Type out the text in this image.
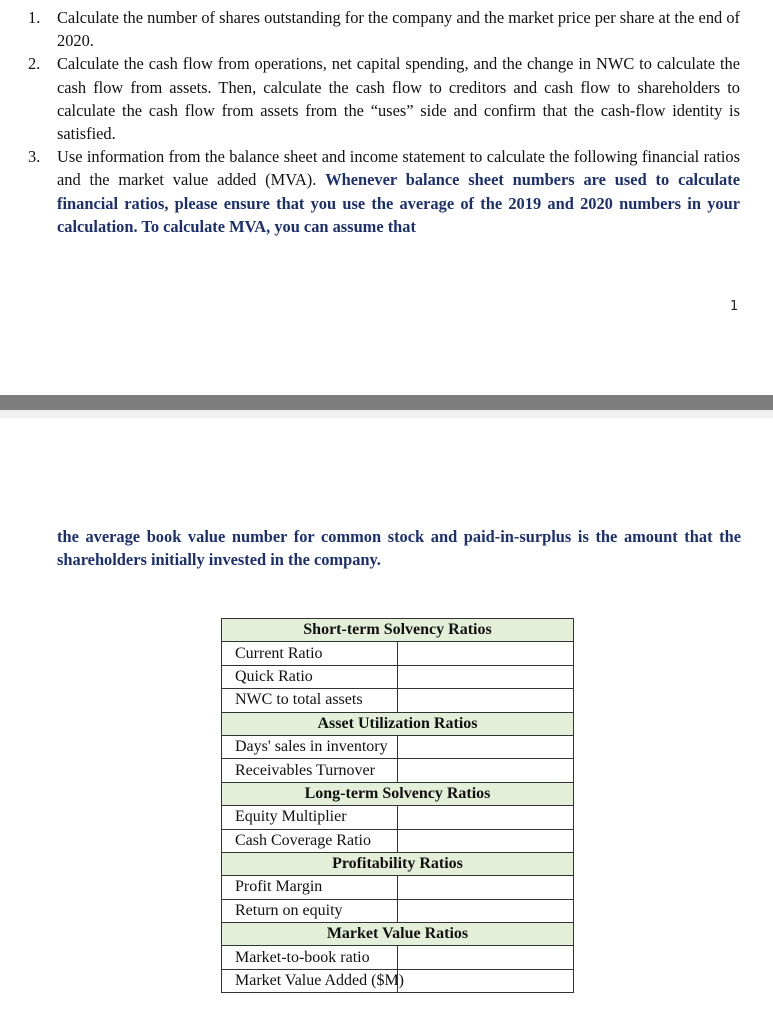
1. Calculate the number of shares outstanding for the company and the market price per share at the end of 2020.
2. Calculate the cash flow from operations, net capital spending, and the change in NWC to calculate the cash flow from assets. Then, calculate the cash flow to creditors and cash flow to shareholders to calculate the cash flow from assets from the “uses” side and confirm that the cash-flow identity is satisfied.
3. Use information from the balance sheet and income statement to calculate the following financial ratios and the market value added (MVA). Whenever balance sheet numbers are used to calculate financial ratios, please ensure that you use the average of the 2019 and 2020 numbers in your calculation. To calculate MVA, you can assume that
1

the average book value number for common stock and paid-in-surplus is the amount that the shareholders initially invested in the company.

Short-term Solvency Ratios	
Current Ratio	
Quick Ratio	
NWC to total assets	
Asset Utilization Ratios	
Days' sales in inventory	
Receivables Turnover	
Long-term Solvency Ratios	
Equity Multiplier	
Cash Coverage Ratio	
Profitability Ratios	
Profit Margin	
Return on equity	
Market Value Ratios	
Market-to-book ratio	
Market Value Added ($M)	
